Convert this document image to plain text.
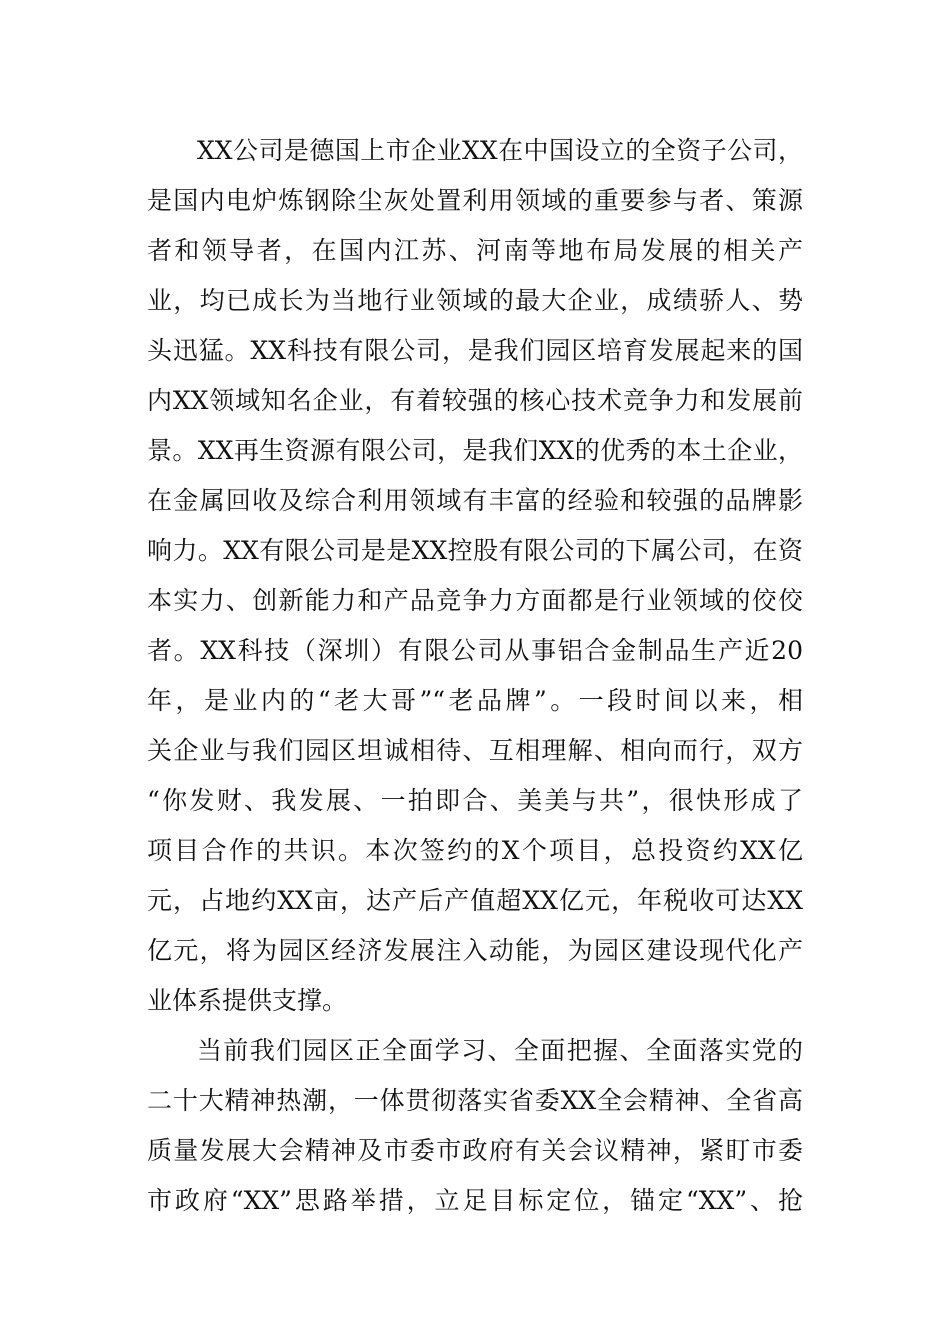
XX公司是德国上市企业XX在中国设立的全资子公司，
是国内电炉炼钢除尘灰处置利用领域的重要参与者、策源
者和领导者，在国内江苏、河南等地布局发展的相关产
业，均已成长为当地行业领域的最大企业，成绩骄人、势
头迅猛。XX科技有限公司，是我们园区培育发展起来的国
内XX领域知名企业，有着较强的核心技术竞争力和发展前
景。XX再生资源有限公司，是我们XX的优秀的本土企业，
在金属回收及综合利用领域有丰富的经验和较强的品牌影
响力。XX有限公司是是XX控股有限公司的下属公司，在资
本实力、创新能力和产品竞争力方面都是行业领域的佼佼
者。XX科技（深圳）有限公司从事铝合金制品生产近20
年，是业内的“老大哥”“老品牌”。一段时间以来，相
关企业与我们园区坦诚相待、互相理解、相向而行，双方
“你发财、我发展、一拍即合、美美与共”，很快形成了
项目合作的共识。本次签约的X个项目，总投资约XX亿
元，占地约XX亩，达产后产值超XX亿元，年税收可达XX
亿元，将为园区经济发展注入动能，为园区建设现代化产
业体系提供支撑。
当前我们园区正全面学习、全面把握、全面落实党的
二十大精神热潮，一体贯彻落实省委XX全会精神、全省高
质量发展大会精神及市委市政府有关会议精神，紧盯市委
市政府“XX”思路举措，立足目标定位，锚定“XX”、抢
